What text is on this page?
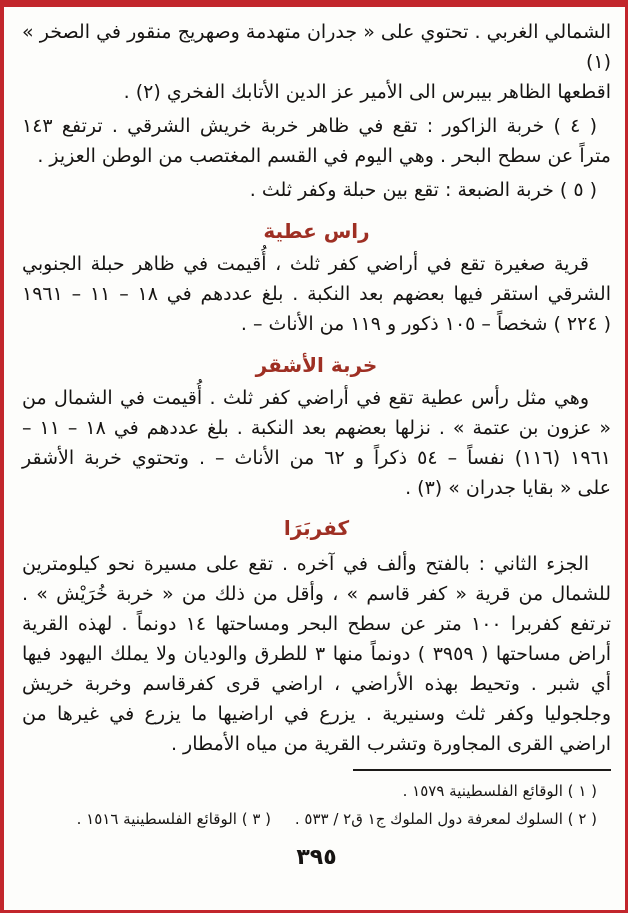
الشمالي الغربي . تحتوي على « جدران متهدمة وصهريج منقور في الصخر » (١)
اقطعها الظاهر بيبرس الى الأمير عز الدين الأتابك الفخري (٢) .
( ٤ ) خربة الزاكور : تقع في ظاهر خربة خريش الشرقي . ترتفع ١٤٣
متراً عن سطح البحر . وهي اليوم في القسم المغتصب من الوطن العزيز .
( ٥ ) خربة الضبعة : تقع بين حبلة وكفر ثلث .
راس عطية
قرية صغيرة تقع في أراضي كفر ثلث ، أُقيمت في ظاهر حبلة الجنوبي
الشرقي استقر فيها بعضهم بعد النكبة . بلغ عددهم في ١٨ – ١١ – ١٩٦١
( ٢٢٤ ) شخصاً – ١٠٥ ذكور و ١١٩ من الأناث – .
خربة الأشقر
وهي مثل رأس عطية تقع في أراضي كفر ثلث . أُقيمت في الشمال من
« عزون بن عتمة » . نزلها بعضهم بعد النكبة . بلغ عددهم في ١٨ – ١١ –
١٩٦١ (١١٦) نفساً – ٥٤ ذكراً و ٦٢ من الأناث – . وتحتوي خربة الأشقر
على « بقايا جدران » (٣) .
كفربَرَا
الجزء الثاني : بالفتح وألف في آخره . تقع على مسيرة نحو كيلومترين
للشمال من قرية « كفر قاسم » ، وأقل من ذلك من « خربة خُرَيْش » .
ترتفع كفربرا ١٠٠ متر عن سطح البحر ومساحتها ١٤ دونماً . لهذه القرية
أراض مساحتها ( ٣٩٥٩ ) دونماً منها ٣ للطرق والوديان ولا يملك اليهود فيها
أي شبر . وتحيط بهذه الأراضي ، اراضي قرى كفرقاسم وخربة خريش
وجلجوليا وكفر ثلث وسنيرية . يزرع في اراضيها ما يزرع في غيرها من
اراضي القرى المجاورة وتشرب القرية من مياه الأمطار .
( ١ ) الوقائع الفلسطينية ١٥٧٩ .
( ٢ ) السلوك لمعرفة دول الملوك ج١ ق٢ / ٥٣٣ .     ( ٣ ) الوقائع الفلسطينية ١٥١٦ .
٣٩٥
